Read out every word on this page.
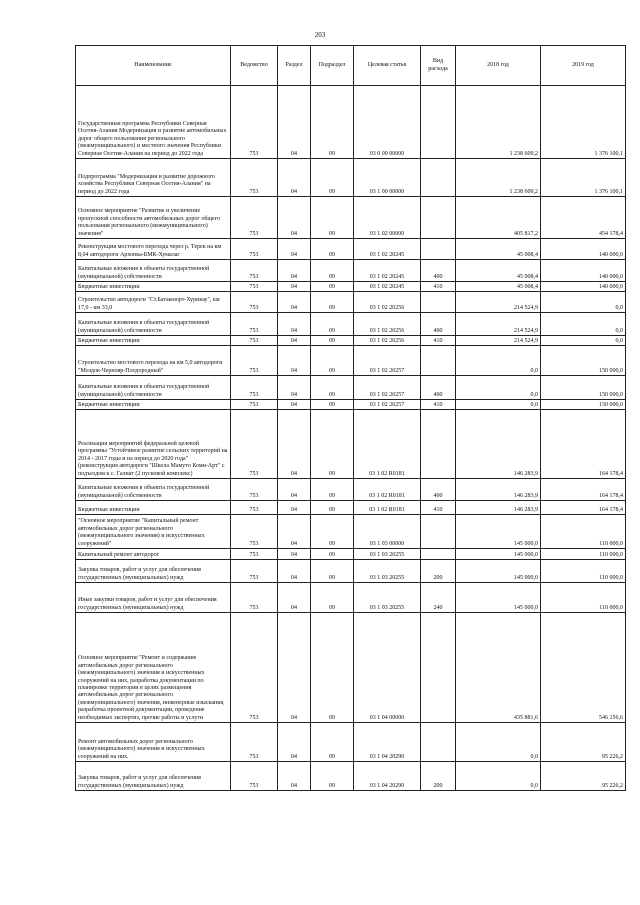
203
Наименование	Ведомство	Раздел	Подраздел	Целевая статья	Вид расхода	2018 год	2019 год
Государственная программа Республики Северная Осетия-Алания Модернизация и развитие автомобильных дорог общего пользования регионального (межмуниципального) и местного значения Республики Северная Осетия-Алания на период до 2022 года	753	04	09	03 0 00 00000		1 238 609,2	1 376 100,1
Подпрограмма "Модернизация и развитие дорожного хозяйства Республики Северная Осетия-Алания" на период до 2022 года	753	04	09	03 1 00 00000		1 238 609,2	1 376 100,1
Основное мероприятие "Развитие и увеличение пропускной способности автомобильных дорог общего пользования регионального (межмуниципального) значения"	753	04	09	03 1 02 00000		405 817,2	454 178,4
Реконструкция мостового перехода через р. Терек на км 8,04 автодороги Архонка-БМК-Хумалаг	753	04	09	03 1 02 20245		45 008,4	140 000,0
Капитальные вложения в объекты государственной (муниципальной) собственности	753	04	09	03 1 02 20245	400	45 008,4	140 000,0
Бюджетные инвестиции	753	04	09	03 1 02 20245	410	45 008,4	140 000,0
Строительство автодороги "Ст.Батакоюрт-Хурикау", км 17,0 - км 33,0	753	04	09	03 1 02 20256		214 524,9	0,0
Капитальные вложения в объекты государственной (муниципальной) собственности	753	04	09	03 1 02 20256	400	214 524,9	0,0
Бюджетные инвестиции	753	04	09	03 1 02 20256	410	214 524,9	0,0
Строительство мостового перехода на км 5,0 автодороги "Моздок-Чернояр-Плодородный"	753	04	09	03 1 02 20257		0,0	150 000,0
Капитальные вложения в объекты государственной (муниципальной) собственности	753	04	09	03 1 02 20257	400	0,0	150 000,0
Бюджетные инвестиции	753	04	09	03 1 02 20257	410	0,0	150 000,0
Реализация мероприятий федеральной целевой программы "Устойчивое развитие сельских территорий на 2014 - 2017 годы и на период до 2020 года" (реконструкция автодороги "Школа Мамуто Коми-Арт" с подъездом к с. Галиат (2 пусковой комплекс)	753	04	09	03 1 02 R0181		146 283,9	164 178,4
Капитальные вложения в объекты государственной (муниципальной) собственности	753	04	09	03 1 02 R0181	400	146 283,9	164 178,4
Бюджетные инвестиции	753	04	09	03 1 02 R0181	410	146 283,9	164 178,4
"Основное мероприятие "Капитальный ремонт автомобильных дорог регионального (межмуниципального значения) и искусственных сооружений"	753	04	09	03 1 03 00000		145 000,0	110 000,0
Капитальный ремонт автодорог	753	04	09	03 1 03 20255		145 000,0	110 000,0
Закупка товаров, работ и услуг для обеспечения государственных (муниципальных) нужд	753	04	09	03 1 03 20255	200	145 000,0	110 000,0
Иные закупки товаров, работ и услуг для обеспечения государственных (муниципальных) нужд	753	04	09	03 1 03 20255	240	145 000,0	110 000,0
Основное мероприятие "Ремонт и содержание автомобильных дорог регионального (межмуниципального) значения и искусственных сооружений на них, разработка документации по планировке территории в целях размещения автомобильных дорог регионального (межмуниципального) значения, инженерные изыскания, разработка проектной документации, проведение необходимых экспертиз, прочие работы и услуги	753	04	09	03 1 04 00000		435 881,6	546 156,6
Ремонт автомобильных дорог регионального (межмуниципального) значения и искусственных сооружений на них.	753	04	09	03 1 04 20290		0,0	95 226,2
Закупка товаров, работ и услуг для обеспечения государственных (муниципальных) нужд	753	04	09	03 1 04 20290	200	0,0	95 226,2
